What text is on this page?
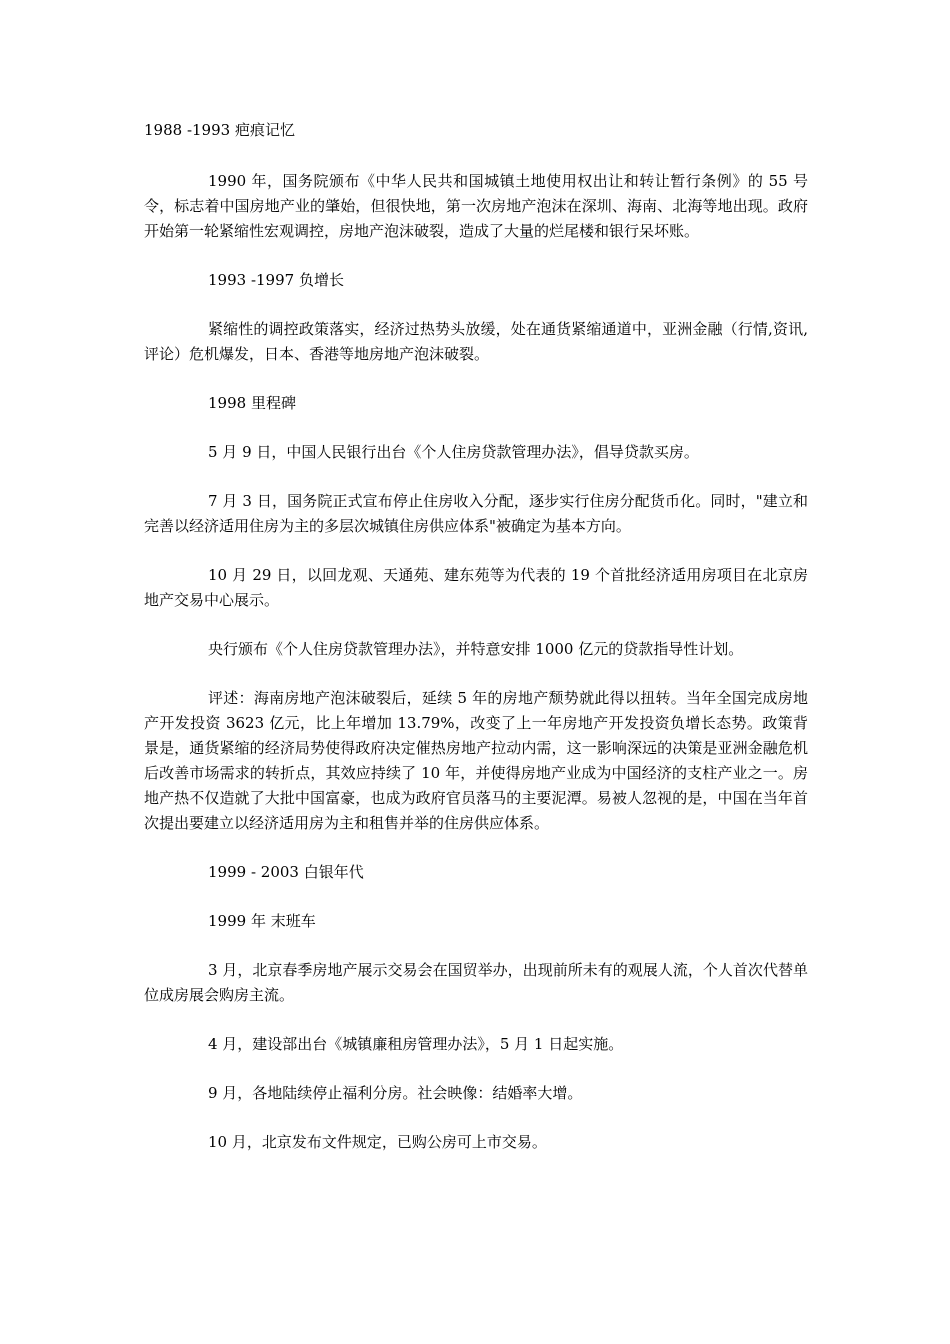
1988 -1993 疤痕记忆

1990 年，国务院颁布《中华人民共和国城镇土地使用权出让和转让暂行条例》的 55 号令，标志着中国房地产业的肇始，但很快地，第一次房地产泡沫在深圳、海南、北海等地出现。政府开始第一轮紧缩性宏观调控，房地产泡沫破裂，造成了大量的烂尾楼和银行呆坏账。

1993 -1997 负增长

紧缩性的调控政策落实，经济过热势头放缓，处在通货紧缩通道中，亚洲金融（行情,资讯,评论）危机爆发，日本、香港等地房地产泡沫破裂。

1998 里程碑

5 月 9 日，中国人民银行出台《个人住房贷款管理办法》，倡导贷款买房。

7 月 3 日，国务院正式宣布停止住房收入分配，逐步实行住房分配货币化。同时，"建立和完善以经济适用住房为主的多层次城镇住房供应体系"被确定为基本方向。

10 月 29 日，以回龙观、天通苑、建东苑等为代表的 19 个首批经济适用房项目在北京房地产交易中心展示。

央行颁布《个人住房贷款管理办法》，并特意安排 1000 亿元的贷款指导性计划。

评述：海南房地产泡沫破裂后，延续 5 年的房地产颓势就此得以扭转。当年全国完成房地产开发投资 3623 亿元，比上年增加 13.79%，改变了上一年房地产开发投资负增长态势。政策背景是，通货紧缩的经济局势使得政府决定催热房地产拉动内需，这一影响深远的决策是亚洲金融危机后改善市场需求的转折点，其效应持续了 10 年，并使得房地产业成为中国经济的支柱产业之一。房地产热不仅造就了大批中国富豪，也成为政府官员落马的主要泥潭。易被人忽视的是，中国在当年首次提出要建立以经济适用房为主和租售并举的住房供应体系。

1999 - 2003 白银年代

1999 年 末班车

3 月，北京春季房地产展示交易会在国贸举办，出现前所未有的观展人流，个人首次代替单位成房展会购房主流。

4 月，建设部出台《城镇廉租房管理办法》，5 月 1 日起实施。

9 月，各地陆续停止福利分房。社会映像：结婚率大增。

10 月，北京发布文件规定，已购公房可上市交易。
